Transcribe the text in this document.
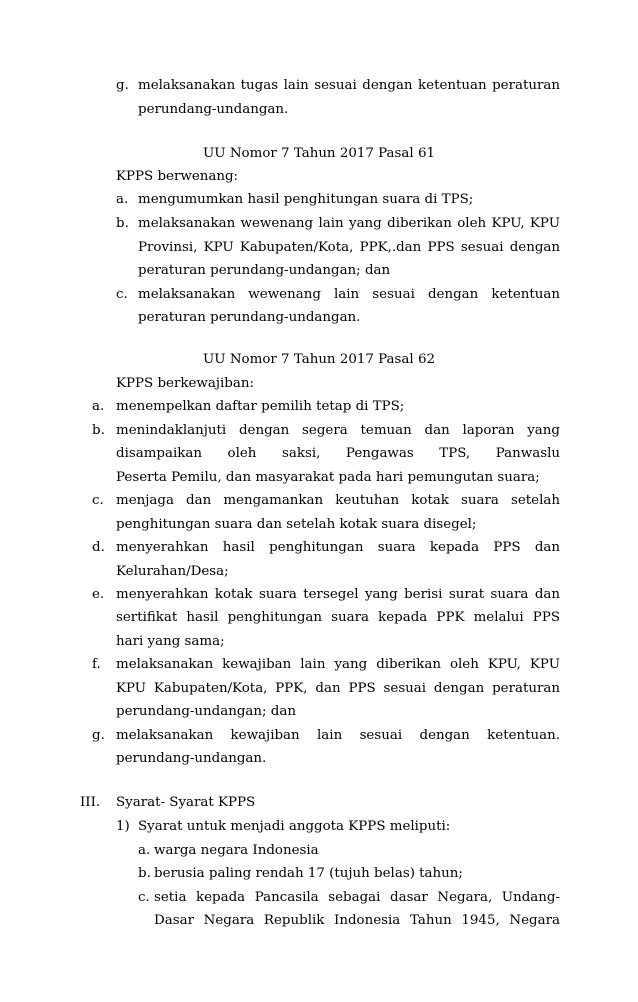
g. melaksanakan tugas lain sesuai dengan ketentuan peraturan
perundang-undangan.
UU Nomor 7 Tahun 2017 Pasal 61
KPPS berwenang:
a. mengumumkan hasil penghitungan suara di TPS;
b. melaksanakan wewenang lain yang diberikan oleh KPU, KPU
Provinsi, KPU Kabupaten/Kota, PPK,.dan PPS sesuai dengan
peraturan perundang-undangan; dan
c. melaksanakan wewenang lain sesuai dengan ketentuan
peraturan perundang-undangan.
UU Nomor 7 Tahun 2017 Pasal 62
KPPS berkewajiban:
a. menempelkan daftar pemilih tetap di TPS;
b. menindaklanjuti dengan segera temuan dan laporan yang
disampaikan oleh saksi, Pengawas TPS, Panwaslu
Peserta Pemilu, dan masyarakat pada hari pemungutan suara;
c. menjaga dan mengamankan keutuhan kotak suara setelah
penghitungan suara dan setelah kotak suara disegel;
d. menyerahkan hasil penghitungan suara kepada PPS dan
Kelurahan/Desa;
e. menyerahkan kotak suara tersegel yang berisi surat suara dan
sertifikat hasil penghitungan suara kepada PPK melalui PPS
hari yang sama;
f. melaksanakan kewajiban lain yang diberikan oleh KPU, KPU
KPU Kabupaten/Kota, PPK, dan PPS sesuai dengan peraturan
perundang-undangan; dan
g. melaksanakan kewajiban lain sesuai dengan ketentuan.
perundang-undangan.
III. Syarat- Syarat KPPS
1) Syarat untuk menjadi anggota KPPS meliputi:
a. warga negara Indonesia
b. berusia paling rendah 17 (tujuh belas) tahun;
c. setia kepada Pancasila sebagai dasar Negara, Undang-
Dasar Negara Republik Indonesia Tahun 1945, Negara
